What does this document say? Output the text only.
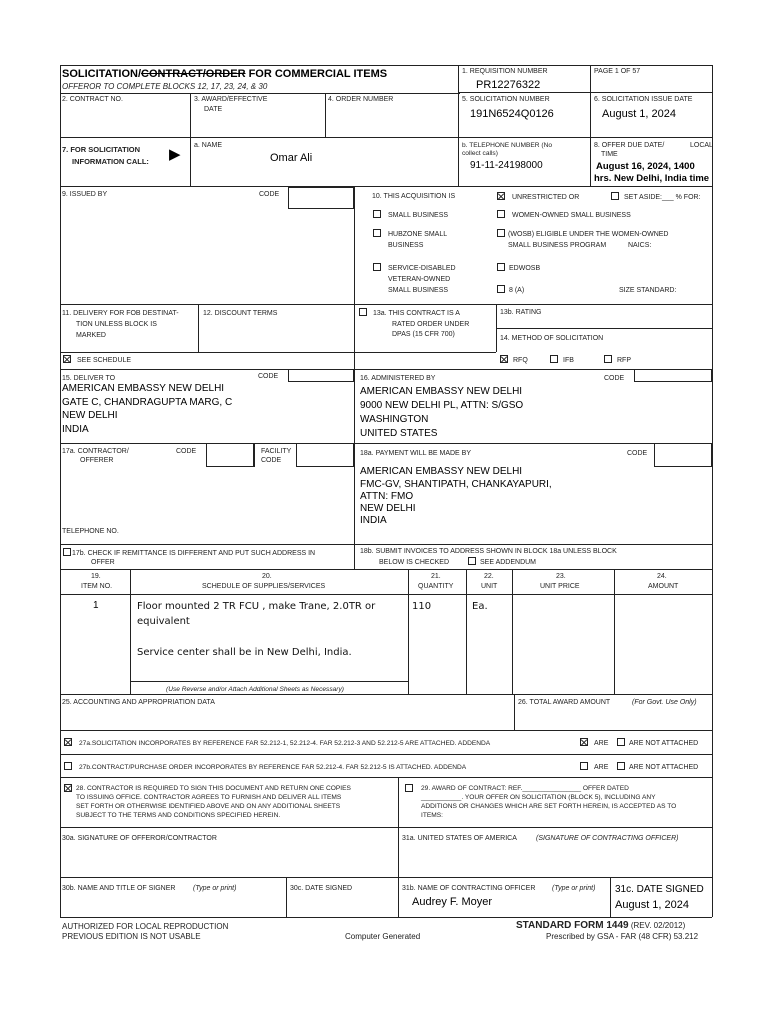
SOLICITATION/CONTRACT/ORDER FOR COMMERCIAL ITEMS
OFFEROR TO COMPLETE BLOCKS 12, 17, 23, 24, & 30
1. REQUISITION NUMBER
PR12276322
PAGE 1 OF 57
2. CONTRACT NO.	3. AWARD/EFFECTIVE
DATE
4. ORDER NUMBER	5. SOLICITATION NUMBER
191N6524Q0126
6. SOLICITATION ISSUE DATE
August 1, 2024
7. FOR SOLICITATION
INFORMATION CALL: ▶
a. NAME
Omar Ali
b. TELEPHONE NUMBER (No
collect calls)
91-11-24198000
8. OFFER DUE DATE/	LOCAL
TIME
August 16, 2024, 1400
hrs. New Delhi, India time
9. ISSUED BY	CODE	10. THIS ACQUISITION IS	UNRESTRICTED OR	SET ASIDE:___ % FOR:
SMALL BUSINESS	WOMEN-OWNED SMALL BUSINESS
HUBZONE SMALL
BUSINESS
(WOSB) ELIGIBLE UNDER THE WOMEN-OWNED
SMALL BUSINESS PROGRAM	NAICS:
SERVICE-DISABLED
VETERAN-OWNED
SMALL BUSINESS
EDWOSB
8 (A)	SIZE STANDARD:
11. DELIVERY FOR FOB DESTINAT-
TION UNLESS BLOCK IS
MARKED
SEE SCHEDULE
12. DISCOUNT TERMS	13a. THIS CONTRACT IS A
RATED ORDER UNDER
DPAS (15 CFR 700)
13b. RATING
14. METHOD OF SOLICITATION
RFQ	IFB	RFP
15. DELIVER TO	CODE
AMERICAN EMBASSY NEW DELHI
GATE C, CHANDRAGUPTA MARG, C
NEW DELHI
INDIA
16. ADMINISTERED BY	CODE
AMERICAN EMBASSY NEW DELHI
9000 NEW DELHI PL, ATTN: S/GSO
WASHINGTON
UNITED STATES
17a. CONTRACTOR/
OFFERER
CODE	FACILITY
CODE
TELEPHONE NO.
17b. CHECK IF REMITTANCE IS DIFFERENT AND PUT SUCH ADDRESS IN
OFFER
18a. PAYMENT WILL BE MADE BY	CODE
AMERICAN EMBASSY NEW DELHI
FMC-GV, SHANTIPATH, CHANKAYAPURI,
ATTN: FMO
NEW DELHI
INDIA
18b. SUBMIT INVOICES TO ADDRESS SHOWN IN BLOCK 18a UNLESS BLOCK
BELOW IS CHECKED	SEE ADDENDUM
19.
ITEM NO.
20.
SCHEDULE OF SUPPLIES/SERVICES
21.
QUANTITY
22.
UNIT
23.
UNIT PRICE
24.
AMOUNT
1	Floor mounted 2 TR FCU , make Trane, 2.0TR or
equivalent
Service center shall be in New Delhi, India.
110	Ea.
(Use Reverse and/or Attach Additional Sheets as Necessary)
25. ACCOUNTING AND APPROPRIATION DATA	26. TOTAL AWARD AMOUNT	(For Govt. Use Only)
27a.SOLICITATION INCORPORATES BY REFERENCE FAR 52.212-1, 52.212-4. FAR 52.212-3 AND 52.212-5 ARE ATTACHED. ADDENDA	ARE	ARE NOT ATTACHED
27b.CONTRACT/PURCHASE ORDER INCORPORATES BY REFERENCE FAR 52.212-4. FAR 52.212-5 IS ATTACHED. ADDENDA	ARE	ARE NOT ATTACHED
28. CONTRACTOR IS REQUIRED TO SIGN THIS DOCUMENT AND RETURN ONE COPIES
TO ISSUING OFFICE. CONTRACTOR AGREES TO FURNISH AND DELIVER ALL ITEMS
SET FORTH OR OTHERWISE IDENTIFIED ABOVE AND ON ANY ADDITIONAL SHEETS
SUBJECT TO THE TERMS AND CONDITIONS SPECIFIED HEREIN.
29. AWARD OF CONTRACT: REF.________________ OFFER DATED
___________. YOUR OFFER ON SOLICITATION (BLOCK 5), INCLUDING ANY
ADDITIONS OR CHANGES WHICH ARE SET FORTH HEREIN, IS ACCEPTED AS TO
ITEMS:
30a. SIGNATURE OF OFFEROR/CONTRACTOR	31a. UNITED STATES OF AMERICA	(SIGNATURE OF CONTRACTING OFFICER)
30b. NAME AND TITLE OF SIGNER	(Type or print)	30c. DATE SIGNED	31b. NAME OF CONTRACTING OFFICER (Type or print)
Audrey F. Moyer
31c. DATE SIGNED
August 1, 2024
AUTHORIZED FOR LOCAL REPRODUCTION
PREVIOUS EDITION IS NOT USABLE	Computer Generated
STANDARD FORM 1449 (REV. 02/2012)
Prescribed by GSA - FAR (48 CFR) 53.212
